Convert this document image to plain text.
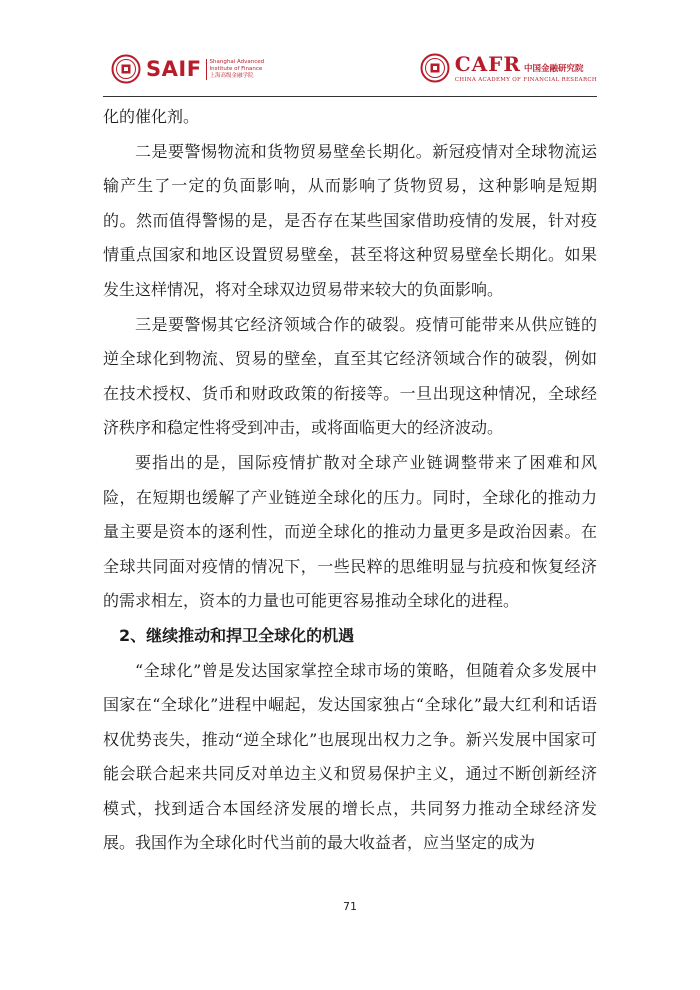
SAIF Shanghai Advanced
Institute of Finance
上海高级金融学院	CAFR 中国金融研究院
CHINA ACADEMY OF FINANCIAL RESEARCH

化的催化剂。

二是要警惕物流和货物贸易壁垒长期化。新冠疫情对全球物流运输产生了一定的负面影响，从而影响了货物贸易，这种影响是短期的。然而值得警惕的是，是否存在某些国家借助疫情的发展，针对疫情重点国家和地区设置贸易壁垒，甚至将这种贸易壁垒长期化。如果发生这样情况，将对全球双边贸易带来较大的负面影响。

三是要警惕其它经济领域合作的破裂。疫情可能带来从供应链的逆全球化到物流、贸易的壁垒，直至其它经济领域合作的破裂，例如在技术授权、货币和财政政策的衔接等。一旦出现这种情况，全球经济秩序和稳定性将受到冲击，或将面临更大的经济波动。

要指出的是，国际疫情扩散对全球产业链调整带来了困难和风险，在短期也缓解了产业链逆全球化的压力。同时，全球化的推动力量主要是资本的逐利性，而逆全球化的推动力量更多是政治因素。在全球共同面对疫情的情况下，一些民粹的思维明显与抗疫和恢复经济的需求相左，资本的力量也可能更容易推动全球化的进程。

2、继续推动和捍卫全球化的机遇

“全球化”曾是发达国家掌控全球市场的策略，但随着众多发展中国家在“全球化”进程中崛起，发达国家独占“全球化”最大红利和话语权优势丧失，推动“逆全球化”也展现出权力之争。新兴发展中国家可能会联合起来共同反对单边主义和贸易保护主义，通过不断创新经济模式，找到适合本国经济发展的增长点，共同努力推动全球经济发展。我国作为全球化时代当前的最大收益者，应当坚定的成为

71
